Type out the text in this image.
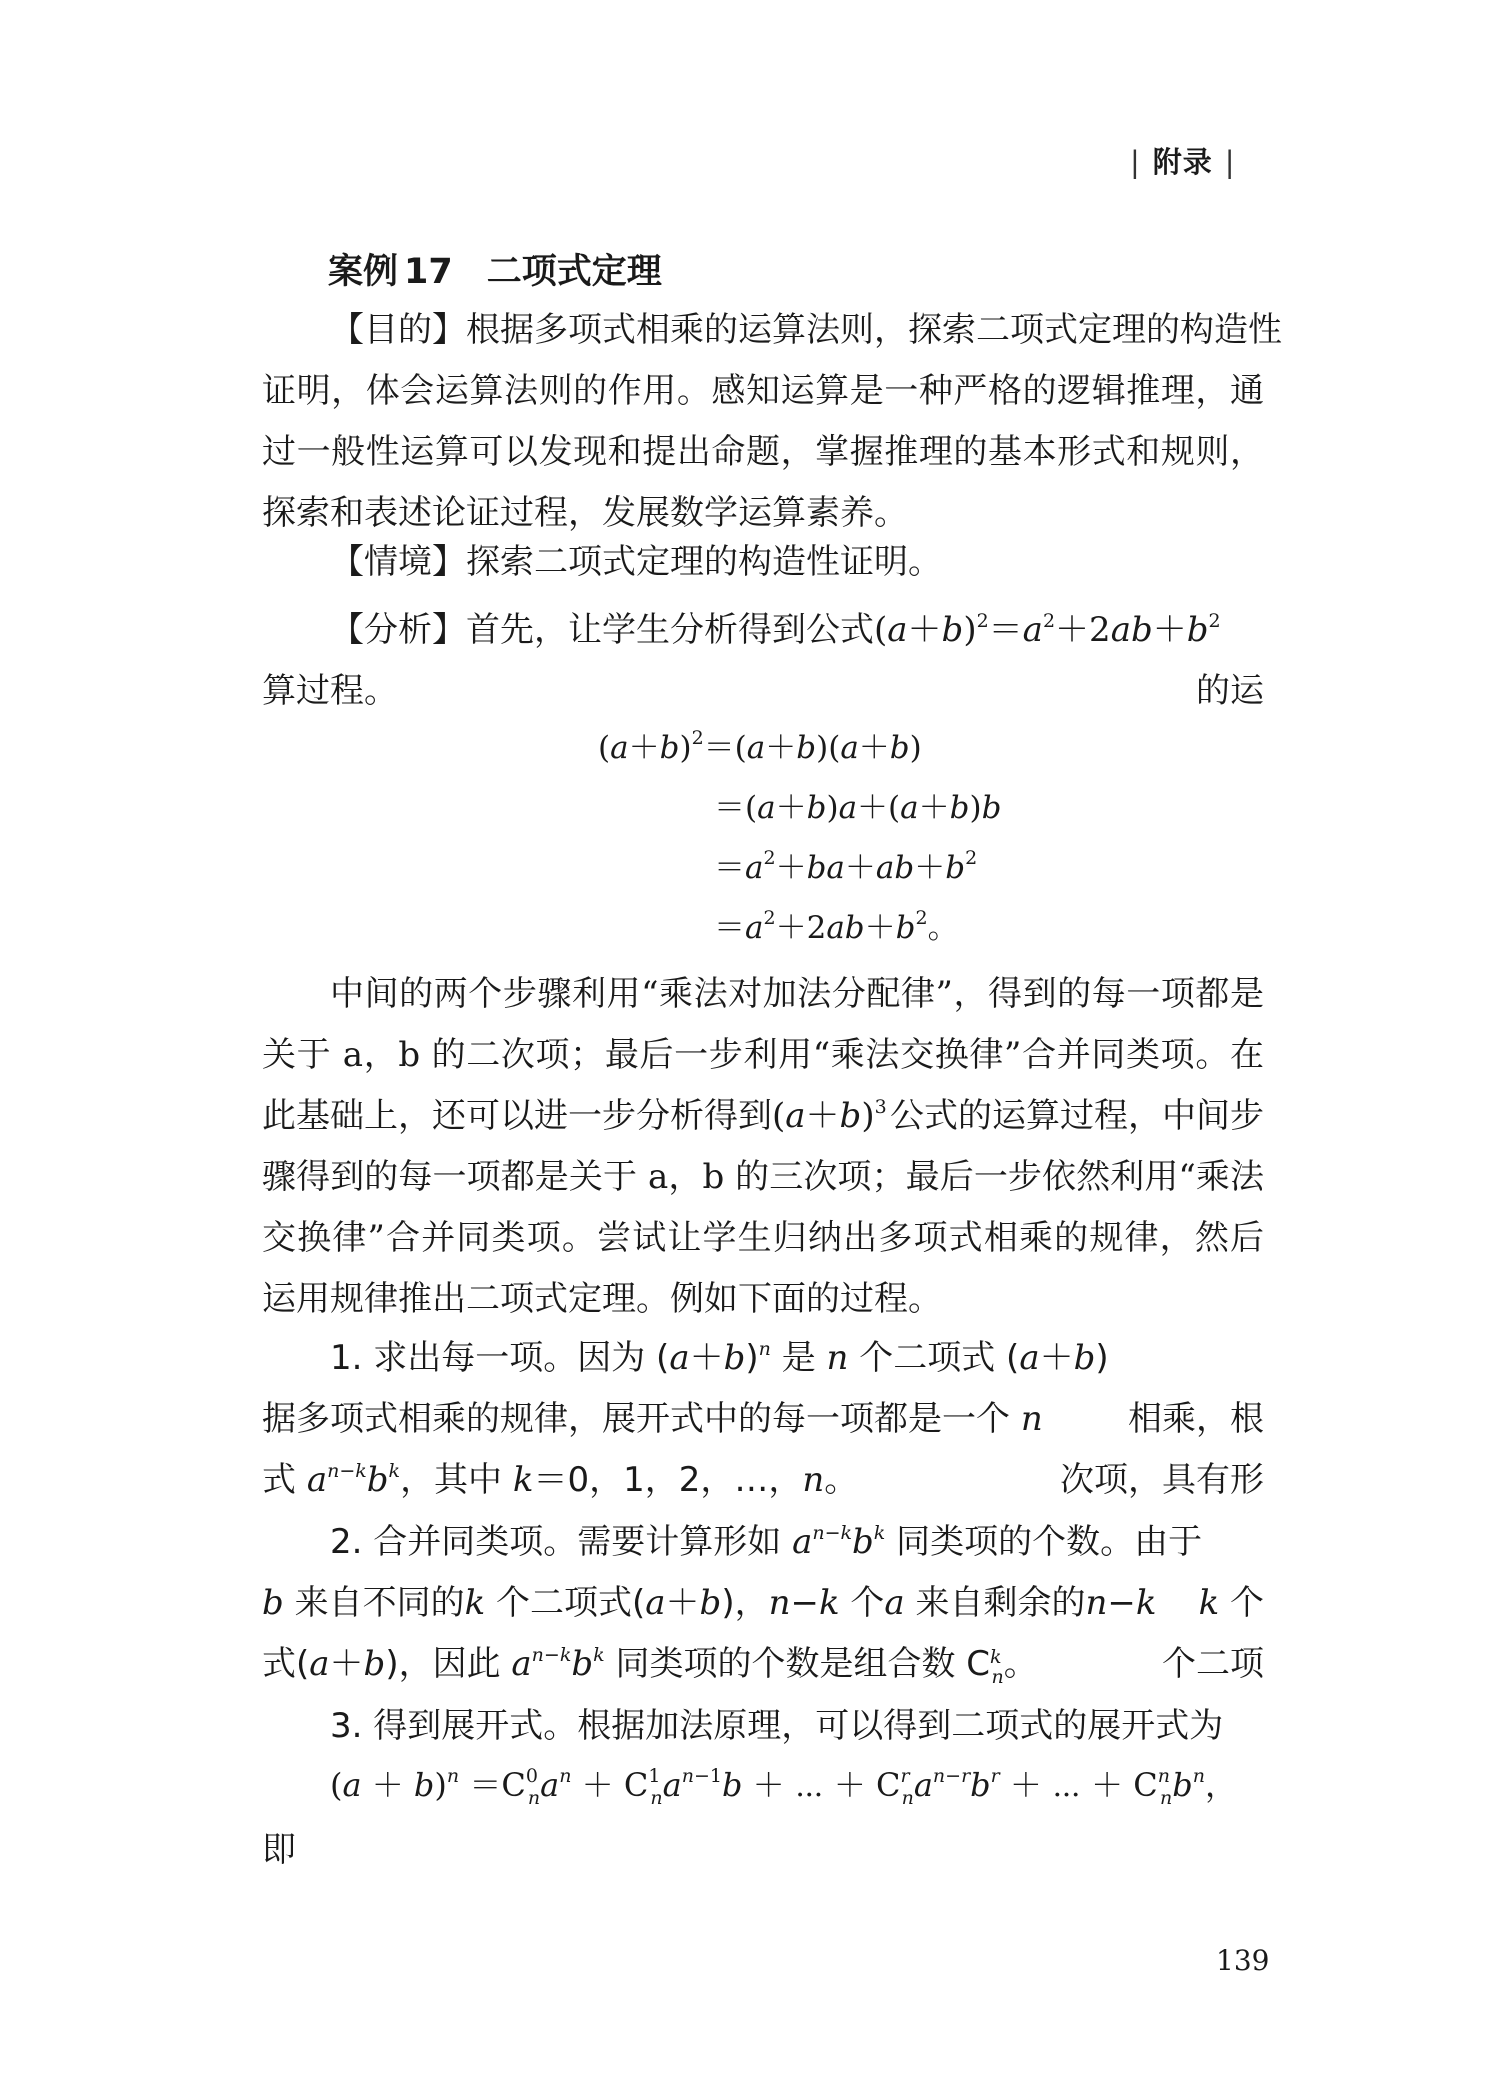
| 附录 |
案例 17 二项式定理
【目的】根据多项式相乘的运算法则，探索二项式定理的构造性
证明，体会运算法则的作用。感知运算是一种严格的逻辑推理，通
过一般性运算可以发现和提出命题，掌握推理的基本形式和规则，
探索和表述论证过程，发展数学运算素养。
【情境】探索二项式定理的构造性证明。
【分析】首先，让学生分析得到公式$(a+b)^2=a^2+2ab+b^2$
的运
算过程。
$(a+b)^2=(a+b)(a+b)$
＝(a＋b)a＋(a＋b)b
$=a^2+ba+ab+b^2$
$=a^2+2ab+b^2$。
中间的两个步骤利用“乘法对加法分配律”，得到的每一项都是
关于 a，b 的二次项；最后一步利用“乘法交换律”合并同类项。在
此基础上，还可以进一步分析得到$(a+b)^3$ 公式的运算过程，中间步
骤得到的每一项都是关于 a，b 的三次项；最后一步依然利用“乘法
交换律”合并同类项。尝试让学生归纳出多项式相乘的规律，然后
运用规律推出二项式定理。例如下面的过程。
1. 求出每一项。因为 $(a+b)^n$ 是 n 个二项式 (a＋b)
相乘，根
据多项式相乘的规律，展开式中的每一项都是一个 n
次项，具有形
式 $a^{n-k}b^k$，其中 k＝0，1，2，…，n。
2. 合并同类项。需要计算形如 $a^{n-k}b^k$ 同类项的个数。由于
k 个
b 来自不同的k 个二项式(a＋b)，n−k 个a 来自剩余的n−k
个二项
式(a＋b)，因此 $a^{n-k}b^k$ 同类项的个数是组合数 $C^k_n$。
3. 得到展开式。根据加法原理，可以得到二项式的展开式为
$(a + b)^n =C^0_na^n + C^1_na^{n-1}b$ ＋ ⋯ ＋ $C^r_na^{n-r}b^r$ ＋ ⋯ ＋ $C^n_nb^n$，
即
139
